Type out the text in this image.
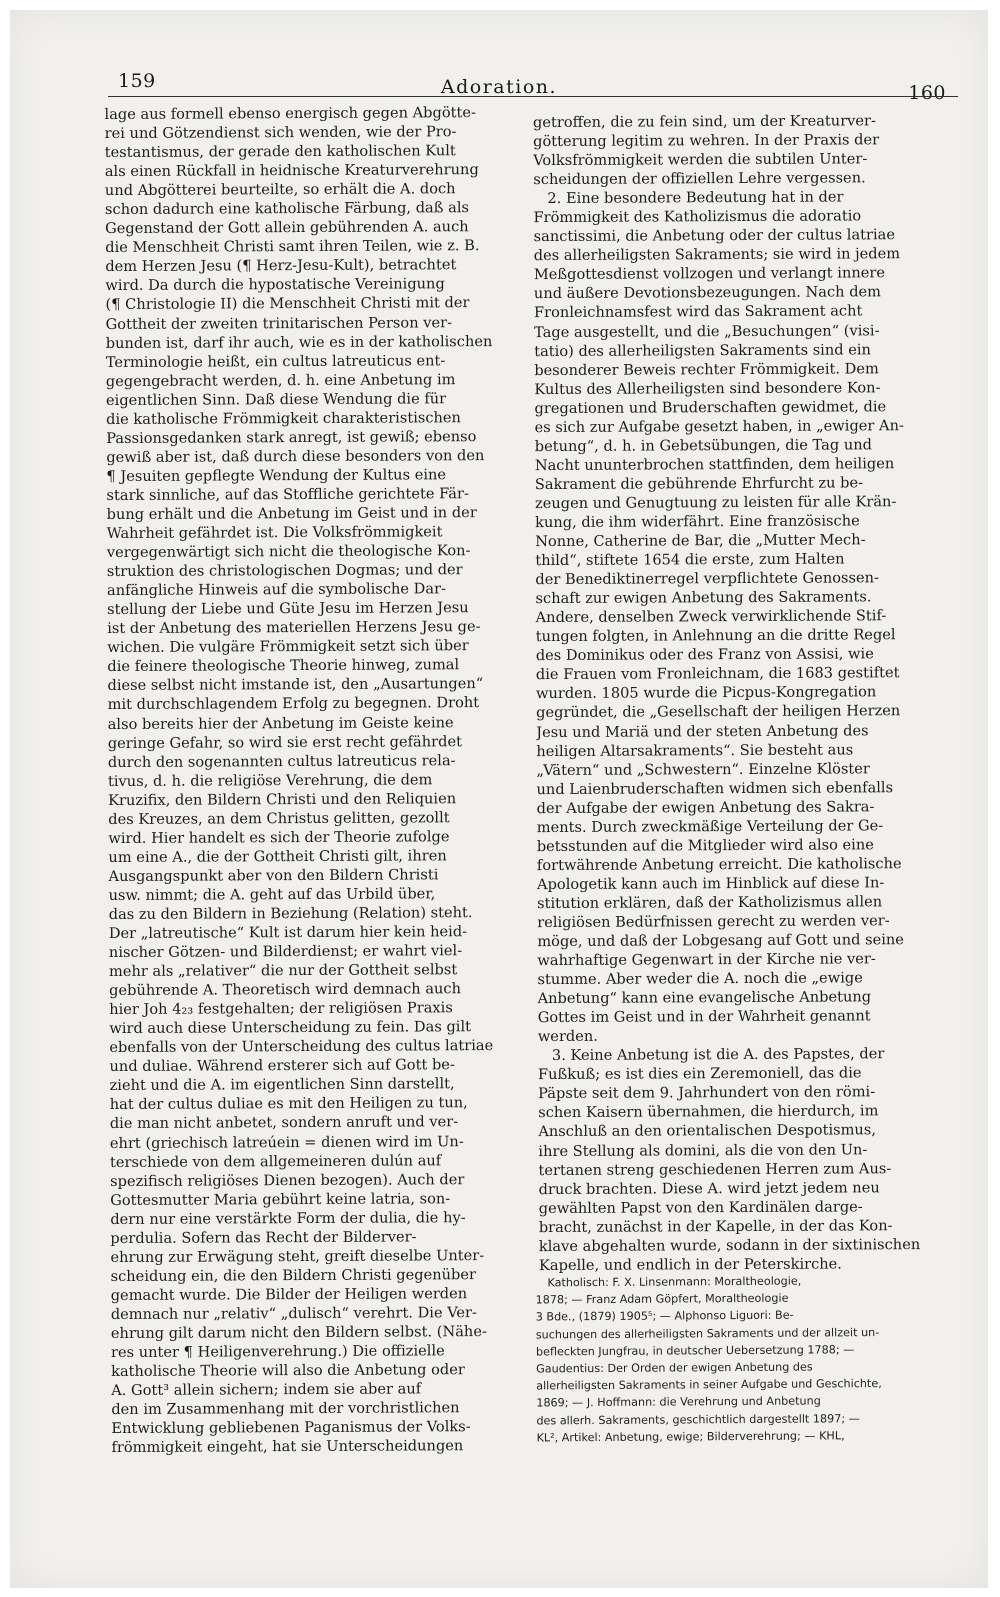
159	Adoration.	160
lage aus formell ebenso energisch gegen Abgötte-
rei und Götzendienst sich wenden, wie der Pro-
testantismus, der gerade den katholischen Kult
als einen Rückfall in heidnische Kreaturverehrung
und Abgötterei beurteilte, so erhält die A. doch
schon dadurch eine katholische Färbung, daß als
Gegenstand der Gott allein gebührenden A. auch
die Menschheit Christi samt ihren Teilen, wie z. B.
dem Herzen Jesu (¶ Herz-Jesu-Kult), betrachtet
wird. Da durch die hypostatische Vereinigung
(¶ Christologie II) die Menschheit Christi mit der
Gottheit der zweiten trinitarischen Person ver-
bunden ist, darf ihr auch, wie es in der katholischen
Terminologie heißt, ein cultus latreuticus ent-
gegengebracht werden, d. h. eine Anbetung im
eigentlichen Sinn. Daß diese Wendung die für
die katholische Frömmigkeit charakteristischen
Passionsgedanken stark anregt, ist gewiß; ebenso
gewiß aber ist, daß durch diese besonders von den
¶ Jesuiten gepflegte Wendung der Kultus eine
stark sinnliche, auf das Stoffliche gerichtete Fär-
bung erhält und die Anbetung im Geist und in der
Wahrheit gefährdet ist. Die Volksfrömmigkeit
vergegenwärtigt sich nicht die theologische Kon-
struktion des christologischen Dogmas; und der
anfängliche Hinweis auf die symbolische Dar-
stellung der Liebe und Güte Jesu im Herzen Jesu
ist der Anbetung des materiellen Herzens Jesu ge-
wichen. Die vulgäre Frömmigkeit setzt sich über
die feinere theologische Theorie hinweg, zumal
diese selbst nicht imstande ist, den „Ausartungen“
mit durchschlagendem Erfolg zu begegnen. Droht
also bereits hier der Anbetung im Geiste keine
geringe Gefahr, so wird sie erst recht gefährdet
durch den sogenannten cultus latreuticus rela-
tivus, d. h. die religiöse Verehrung, die dem
Kruzifix, den Bildern Christi und den Reliquien
des Kreuzes, an dem Christus gelitten, gezollt
wird. Hier handelt es sich der Theorie zufolge
um eine A., die der Gottheit Christi gilt, ihren
Ausgangspunkt aber von den Bildern Christi
usw. nimmt; die A. geht auf das Urbild über,
das zu den Bildern in Beziehung (Relation) steht.
Der „latreutische“ Kult ist darum hier kein heid-
nischer Götzen- und Bilderdienst; er wahrt viel-
mehr als „relativer“ die nur der Gottheit selbst
gebührende A. Theoretisch wird demnach auch
hier Joh 4₂₃ festgehalten; der religiösen Praxis
wird auch diese Unterscheidung zu fein. Das gilt
ebenfalls von der Unterscheidung des cultus latriae
und duliae. Während ersterer sich auf Gott be-
zieht und die A. im eigentlichen Sinn darstellt,
hat der cultus duliae es mit den Heiligen zu tun,
die man nicht anbetet, sondern anruft und ver-
ehrt (griechisch latreúein = dienen wird im Un-
terschiede von dem allgemeineren dulún auf
spezifisch religiöses Dienen bezogen). Auch der
Gottesmutter Maria gebührt keine latria, son-
dern nur eine verstärkte Form der dulia, die hy-
perdulia. Sofern das Recht der Bilderver-
ehrung zur Erwägung steht, greift dieselbe Unter-
scheidung ein, die den Bildern Christi gegenüber
gemacht wurde. Die Bilder der Heiligen werden
demnach nur „relativ“ „dulisch“ verehrt. Die Ver-
ehrung gilt darum nicht den Bildern selbst. (Nähe-
res unter ¶ Heiligenverehrung.) Die offizielle
katholische Theorie will also die Anbetung oder
A. Gott³ allein sichern; indem sie aber auf
den im Zusammenhang mit der vorchristlichen
Entwicklung gebliebenen Paganismus der Volks-
frömmigkeit eingeht, hat sie Unterscheidungen
getroffen, die zu fein sind, um der Kreaturver-
götterung legitim zu wehren. In der Praxis der
Volksfrömmigkeit werden die subtilen Unter-
scheidungen der offiziellen Lehre vergessen.
2. Eine besondere Bedeutung hat in der
Frömmigkeit des Katholizismus die adoratio
sanctissimi, die Anbetung oder der cultus latriae
des allerheiligsten Sakraments; sie wird in jedem
Meßgottesdienst vollzogen und verlangt innere
und äußere Devotionsbezeugungen. Nach dem
Fronleichnamsfest wird das Sakrament acht
Tage ausgestellt, und die „Besuchungen“ (visi-
tatio) des allerheiligsten Sakraments sind ein
besonderer Beweis rechter Frömmigkeit. Dem
Kultus des Allerheiligsten sind besondere Kon-
gregationen und Bruderschaften gewidmet, die
es sich zur Aufgabe gesetzt haben, in „ewiger An-
betung“, d. h. in Gebetsübungen, die Tag und
Nacht ununterbrochen stattfinden, dem heiligen
Sakrament die gebührende Ehrfurcht zu be-
zeugen und Genugtuung zu leisten für alle Krän-
kung, die ihm widerfährt. Eine französische
Nonne, Catherine de Bar, die „Mutter Mech-
thild“, stiftete 1654 die erste, zum Halten
der Benediktinerregel verpflichtete Genossen-
schaft zur ewigen Anbetung des Sakraments.
Andere, denselben Zweck verwirklichende Stif-
tungen folgten, in Anlehnung an die dritte Regel
des Dominikus oder des Franz von Assisi, wie
die Frauen vom Fronleichnam, die 1683 gestiftet
wurden. 1805 wurde die Picpus-Kongregation
gegründet, die „Gesellschaft der heiligen Herzen
Jesu und Mariä und der steten Anbetung des
heiligen Altarsakraments“. Sie besteht aus
„Vätern“ und „Schwestern“. Einzelne Klöster
und Laienbruderschaften widmen sich ebenfalls
der Aufgabe der ewigen Anbetung des Sakra-
ments. Durch zweckmäßige Verteilung der Ge-
betsstunden auf die Mitglieder wird also eine
fortwährende Anbetung erreicht. Die katholische
Apologetik kann auch im Hinblick auf diese In-
stitution erklären, daß der Katholizismus allen
religiösen Bedürfnissen gerecht zu werden ver-
möge, und daß der Lobgesang auf Gott und seine
wahrhaftige Gegenwart in der Kirche nie ver-
stumme. Aber weder die A. noch die „ewige
Anbetung“ kann eine evangelische Anbetung
Gottes im Geist und in der Wahrheit genannt
werden.
3. Keine Anbetung ist die A. des Papstes, der
Fußkuß; es ist dies ein Zeremoniell, das die
Päpste seit dem 9. Jahrhundert von den römi-
schen Kaisern übernahmen, die hierdurch, im
Anschluß an den orientalischen Despotismus,
ihre Stellung als domini, als die von den Un-
tertanen streng geschiedenen Herren zum Aus-
druck brachten. Diese A. wird jetzt jedem neu
gewählten Papst von den Kardinälen darge-
bracht, zunächst in der Kapelle, in der das Kon-
klave abgehalten wurde, sodann in der sixtinischen
Kapelle, und endlich in der Peterskirche.
Katholisch: F. X. Linsenmann: Moraltheologie,
1878; — Franz Adam Göpfert, Moraltheologie
3 Bde., (1879) 1905⁵; — Alphonso Liguori: Be-
suchungen des allerheiligsten Sakraments und der allzeit un-
befleckten Jungfrau, in deutscher Uebersetzung 1788; —
Gaudentius: Der Orden der ewigen Anbetung des
allerheiligsten Sakraments in seiner Aufgabe und Geschichte,
1869; — J. Hoffmann: die Verehrung und Anbetung
des allerh. Sakraments, geschichtlich dargestellt 1897; —
KL², Artikel: Anbetung, ewige; Bilderverehrung; — KHL,
